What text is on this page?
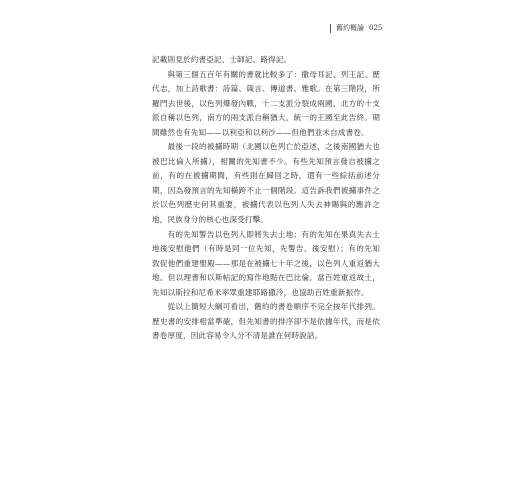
舊約概論 025

記載則見於約書亞記、士師記、路得記。

與第三個五百年有關的書就比較多了：撒母耳記、列王記、歷代志，加上詩歌書：詩篇、箴言、傳道書、雅歌。在第三階段，所羅門去世後，以色列爆發內戰，十二支派分裂成兩國，北方的十支派自稱以色列，南方的兩支派自稱猶大，統一的王國至此告終。期間雖然也有先知——以利亞和以利沙——但他們並未自成書卷。

最後一段的被擄時期（北國以色列亡於亞述，之後南國猶大也被巴比倫人所擄），相關的先知書不少。有些先知預言發自被擄之前，有的在被擄期間，有些則在歸回之時，還有一些綜括前述分期，因為發預言的先知橫跨不止一個階段。這告訴我們被擄事件之於以色列歷史何其重要，被擄代表以色列人失去神賜與的應許之地，民族身分的核心也深受打擊。

有的先知警告以色列人即將失去土地；有的先知在果真失去土地後安慰他們（有時是同一位先知，先警告、後安慰）；有的先知敦促他們重建聖殿——那是在被擄七十年之後，以色列人重返猶大地。但以理書和以斯帖記的寫作地點在巴比倫。當百姓重返故土，先知以斯拉和尼希米率眾重建耶路撒冷，也協助百姓重新振作。

從以上簡短大綱可看出，舊約的書卷順序不完全按年代排列。歷史書的安排相當準確，但先知書的排序卻不是依據年代，而是依書卷厚度，因此容易令人分不清是誰在何時說話。
